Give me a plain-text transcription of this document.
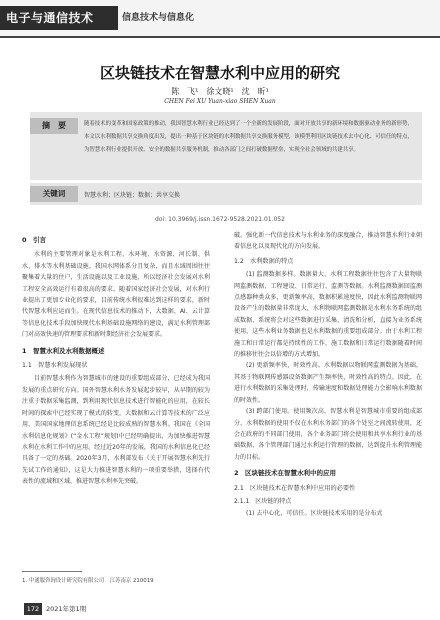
电子与通信技术	信息技术与信息化
区块链技术在智慧水利中应用的研究
陈　飞¹　徐文晓¹　沈　昕¹
CHEN Fei XU Yuan-xiao SHEN Xuan
摘　要	随着技术的变革和国家政策的推动，我国智慧水利行业已经达到了一个全新的发展阶段，面对开放共享的新环境和数据驱动业务的新形势，本文以水利数据共享交换角度出发，提出一种基于区块链的水利数据共享交换服务模型，该模型利用区块链技术去中心化、可信任的特点，为智慧水利行业提供开放、安全的数据共享服务机制，推动各部门之间打破数据壁垒，实现全社会领域的共建共享。
关键词	智慧水利；区块链；数据；共享交换
doi: 10.3969/j.issn.1672-9528.2021.01.052
0　引言

水利的主要管理对象是水利工程、水环境、水资源、河长制、供水、排水等水利基础设施。我国水网体系分且复杂，而且水域周围往往聚集着大量的住户，生活设施以及工业设施，所以经济社会发展对水利工程安全高效运行有着很高的要求。随着国家经济社会发展，对水利行业提出了更加专业化的要求，目前传统水利很难达到这样的要求，新时代智慧水利应运而生。在现代信息技术的推动下，大数据、AI、云计算等信息化技术手段加快现代水利基础设施网络的建设，满足水利管理部门对高效快速的管理要求和新时期经济社会发展要求。

1　智慧水利及水利数据概述
1.1　智慧水利发展现状

目前智慧水利作为智慧城市的建设的重要组成部分，已经成为我国发展的重点研究方向。国外智慧水利水务发展起步较早，从早期的较为注重于数据采集监测，到利用现代信息技术进行智能化的应用，在较长时间的探索中已经实现了模式的转变，大数据和云计算等技术的广泛应用，美国国家地理信息系统已经是比较成熟的智慧水利。我国在《全国水利信息化规划》(“金水工程”规划)中已经明确提出，为加快推进智慧水利在水利工作中的应用。经过近20年的发展，我国的水利信息化已经具备了一定的基础。2020年3月，水利部发布《关于开展智慧水利先行先试工作的通知》，这是大力推进智慧水利的一项重要举措，选择有代表性的流域和区域，推进智慧水利率先突破。

破。强化新一代信息技术与水利业务的深度融合，推动智慧水利行业朝着信息化以及现代化的方向发展。

1.2　水利数据的特点

(1) 监测数据多样。数据量大、水利工程数据往往包含了大量物联网监测数据、工程建设、日常运行、监测等数据。水利监测数据回监测点感器种类众多，更新频率高，数据积累速度快，因此水利监测物联网设备产生的数据量非常庞大，水利物联网监测数据是水利水务系统的组成数据，系统将会对这些数据进行采集、清洗和分析，直接为业务系统使用，这些水利业务数据也是水利数据的重要组成部分。由于水利工程施工和日常运行都是持续性的工作，施工数据和日常运行数据随着时间的推移往往会以倍增的方式增加。

(2) 更新频率快，时效性高。水利数据以物联网监测数据为基础，其基于物联网传感器设备数据产生频率快，时效性高的特点。因此，在进行水利数据的采集处理时，传输速度和数据处理能力会影响水利数据的时效性。

(3) 跨部门使用。使用频次高，智慧水利是智慧城市重要的组成部分，水利数据的使用不仅在水利水务部门的各个处室之间流转使用，还会在政府的不同部门使用，各个业务部门将会使用和共享水利行业的基础数据，各个管理部门通过水利运行管理的数据，达到提升水利管理能力的目标。

2　区块链技术在智慧水利中的应用
2.1　区块链技术在智慧水利中应用的必要性
2.1.1　区块链的特点

(1) 去中心化，可信任。区块链技术采用的是分布式

1. 中通服咨询设计研究院有限公司　江苏南京 210019
172	2021年第1期
